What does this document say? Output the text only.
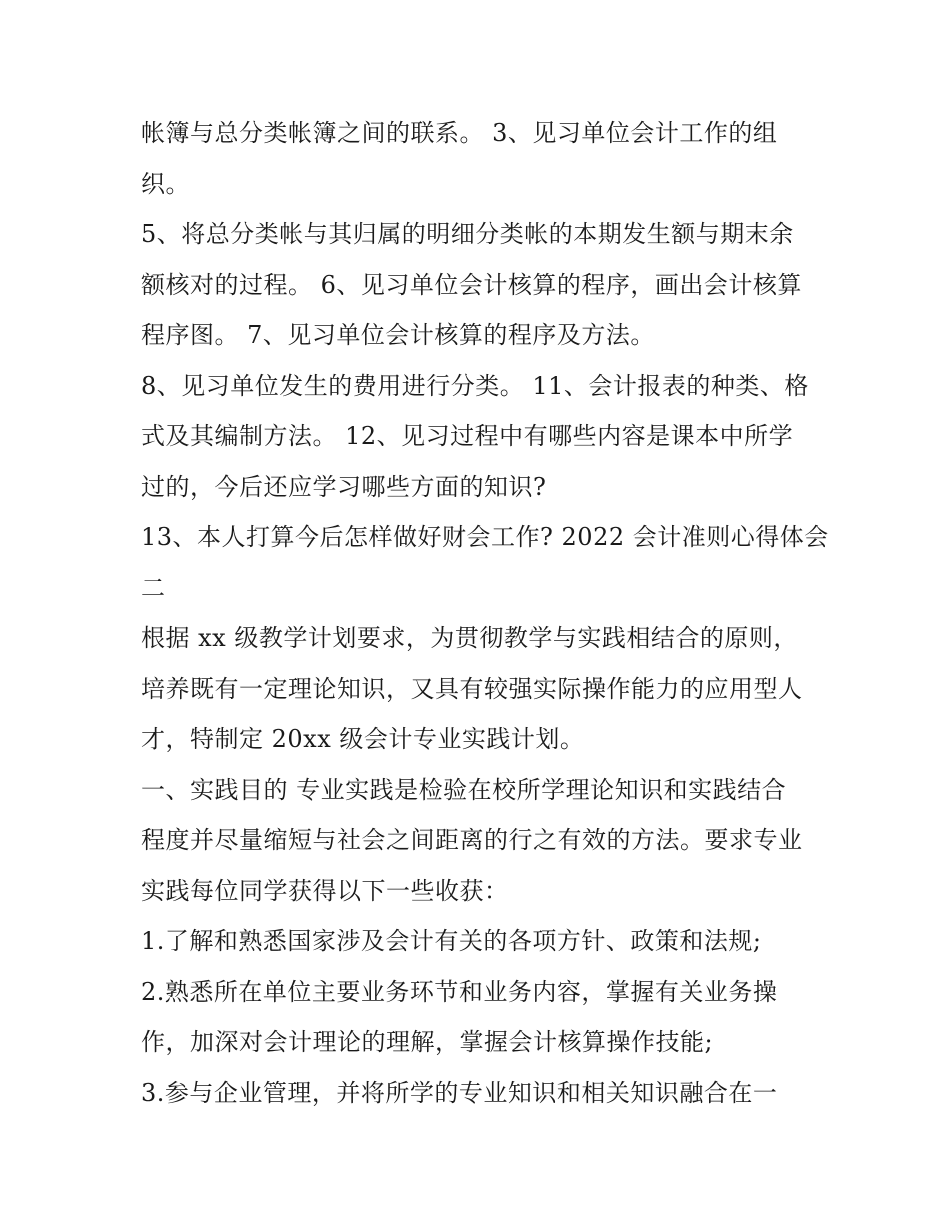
帐簿与总分类帐簿之间的联系。 3、见习单位会计工作的组
织。
5、将总分类帐与其归属的明细分类帐的本期发生额与期末余
额核对的过程。 6、见习单位会计核算的程序，画出会计核算
程序图。 7、见习单位会计核算的程序及方法。
8、见习单位发生的费用进行分类。 11、会计报表的种类、格
式及其编制方法。 12、见习过程中有哪些内容是课本中所学
过的，今后还应学习哪些方面的知识?
13、本人打算今后怎样做好财会工作? 2022 会计准则心得体会
二
根据 xx 级教学计划要求，为贯彻教学与实践相结合的原则，
培养既有一定理论知识，又具有较强实际操作能力的应用型人
才，特制定 20xx 级会计专业实践计划。
一、实践目的 专业实践是检验在校所学理论知识和实践结合
程度并尽量缩短与社会之间距离的行之有效的方法。要求专业
实践每位同学获得以下一些收获：
1.了解和熟悉国家涉及会计有关的各项方针、政策和法规;
2.熟悉所在单位主要业务环节和业务内容，掌握有关业务操
作，加深对会计理论的理解，掌握会计核算操作技能;
3.参与企业管理，并将所学的专业知识和相关知识融合在一
